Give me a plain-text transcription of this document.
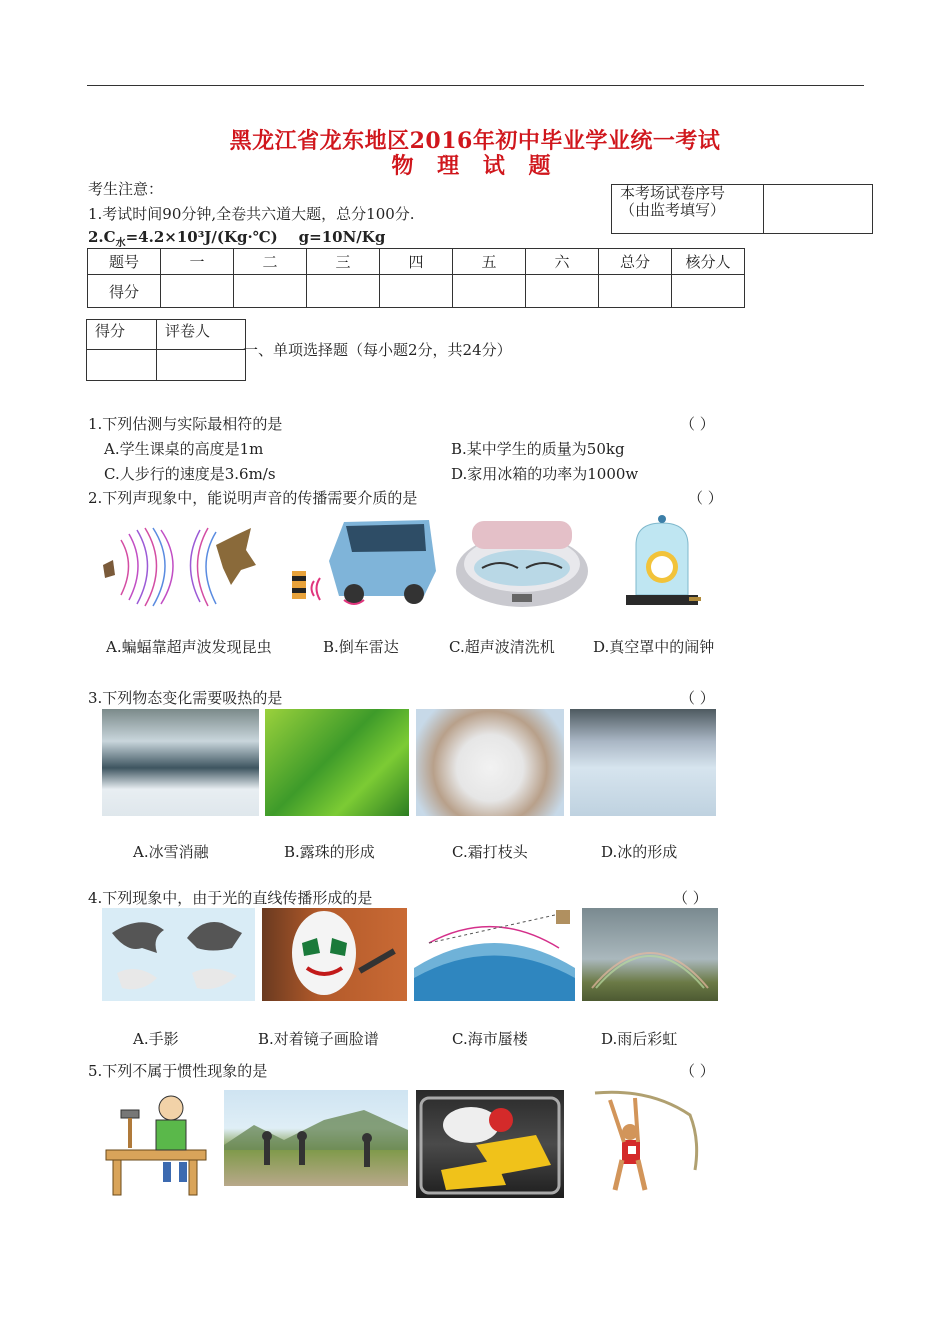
黑龙江省龙东地区2016年初中毕业学业统一考试
物 理 试 题
考生注意：
1.考试时间90分钟,全卷共六道大题，总分100分.
$2.C_水=4.2\times 10^3J/(Kg\cdot℃)$    g=10N/Kg
本考场试卷序号
（由监考填写）

题号	一	二	三	四	五	六	总分	核分人
得分								
得分	评卷人

一、单项选择题（每小题2分，共24分）
1.下列估测与实际最相符的是	（ ）
A.学生课桌的高度是1m	B.某中学生的质量为50kg
C.人步行的速度是3.6m/s	D.家用冰箱的功率为1000w
2.下列声现象中，能说明声音的传播需要介质的是	（ ）
A.蝙蝠靠超声波发现昆虫	B.倒车雷达	C.超声波清洗机	D.真空罩中的闹钟
3.下列物态变化需要吸热的是	（ ）
A.冰雪消融	B.露珠的形成	C.霜打枝头	D.冰的形成
4.下列现象中，由于光的直线传播形成的是	（ ）
A.手影	B.对着镜子画脸谱	C.海市蜃楼	D.雨后彩虹
5.下列不属于惯性现象的是	（ ）
